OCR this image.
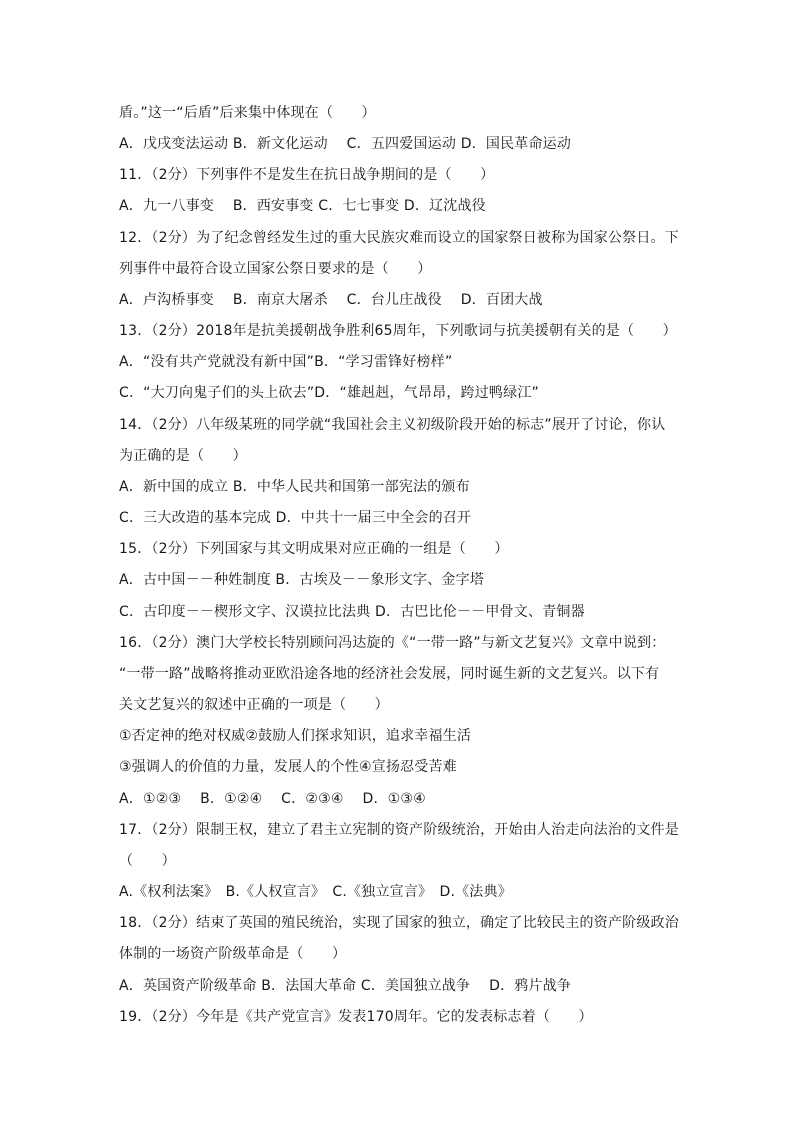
盾。”这一“后盾”后来集中体现在（　　）
A．戊戌变法运动 B．新文化运动　 C．五四爱国运动 D．国民革命运动
11．（2分）下列事件不是发生在抗日战争期间的是（　　）
A．九一八事变　 B．西安事变 C．七七事变 D．辽沈战役
12．（2分）为了纪念曾经发生过的重大民族灾难而设立的国家祭日被称为国家公祭日。下
列事件中最符合设立国家公祭日要求的是（　　）
A．卢沟桥事变　 B．南京大屠杀　 C．台儿庄战役　 D．百团大战
13．（2分）2018年是抗美援朝战争胜利65周年，下列歌词与抗美援朝有关的是（　　）
A．“没有共产党就没有新中国”B．“学习雷锋好榜样”
C．“大刀向鬼子们的头上砍去”D．“雄赳赳，气昂昂，跨过鸭绿江”
14．（2分）八年级某班的同学就“我国社会主义初级阶段开始的标志”展开了讨论，你认
为正确的是（　　）
A．新中国的成立 B．中华人民共和国第一部宪法的颁布
C．三大改造的基本完成 D．中共十一届三中全会的召开
15．（2分）下列国家与其文明成果对应正确的一组是（　　）
A．古中国－－种姓制度 B．古埃及－－象形文字、金字塔
C．古印度－－楔形文字、汉谟拉比法典 D．古巴比伦－－甲骨文、青铜器
16．（2分）澳门大学校长特别顾问冯达旋的《“一带一路”与新文艺复兴》文章中说到：
“一带一路”战略将推动亚欧沿途各地的经济社会发展，同时诞生新的文艺复兴。以下有
关文艺复兴的叙述中正确的一项是（　　）
①否定神的绝对权威②鼓励人们探求知识，追求幸福生活
③强调人的价值的力量，发展人的个性④宣扬忍受苦难
A．①②③　 B．①②④　 C．②③④　 D．①③④
17．（2分）限制王权，建立了君主立宪制的资产阶级统治，开始由人治走向法治的文件是
（　　）
A.《权利法案》　B.《人权宣言》　C.《独立宣言》　D.《法典》
18．（2分）结束了英国的殖民统治，实现了国家的独立，确定了比较民主的资产阶级政治
体制的一场资产阶级革命是（　　）
A．英国资产阶级革命 B．法国大革命 C．美国独立战争　 D．鸦片战争
19．（2分）今年是《共产党宣言》发表170周年。它的发表标志着（　　）
